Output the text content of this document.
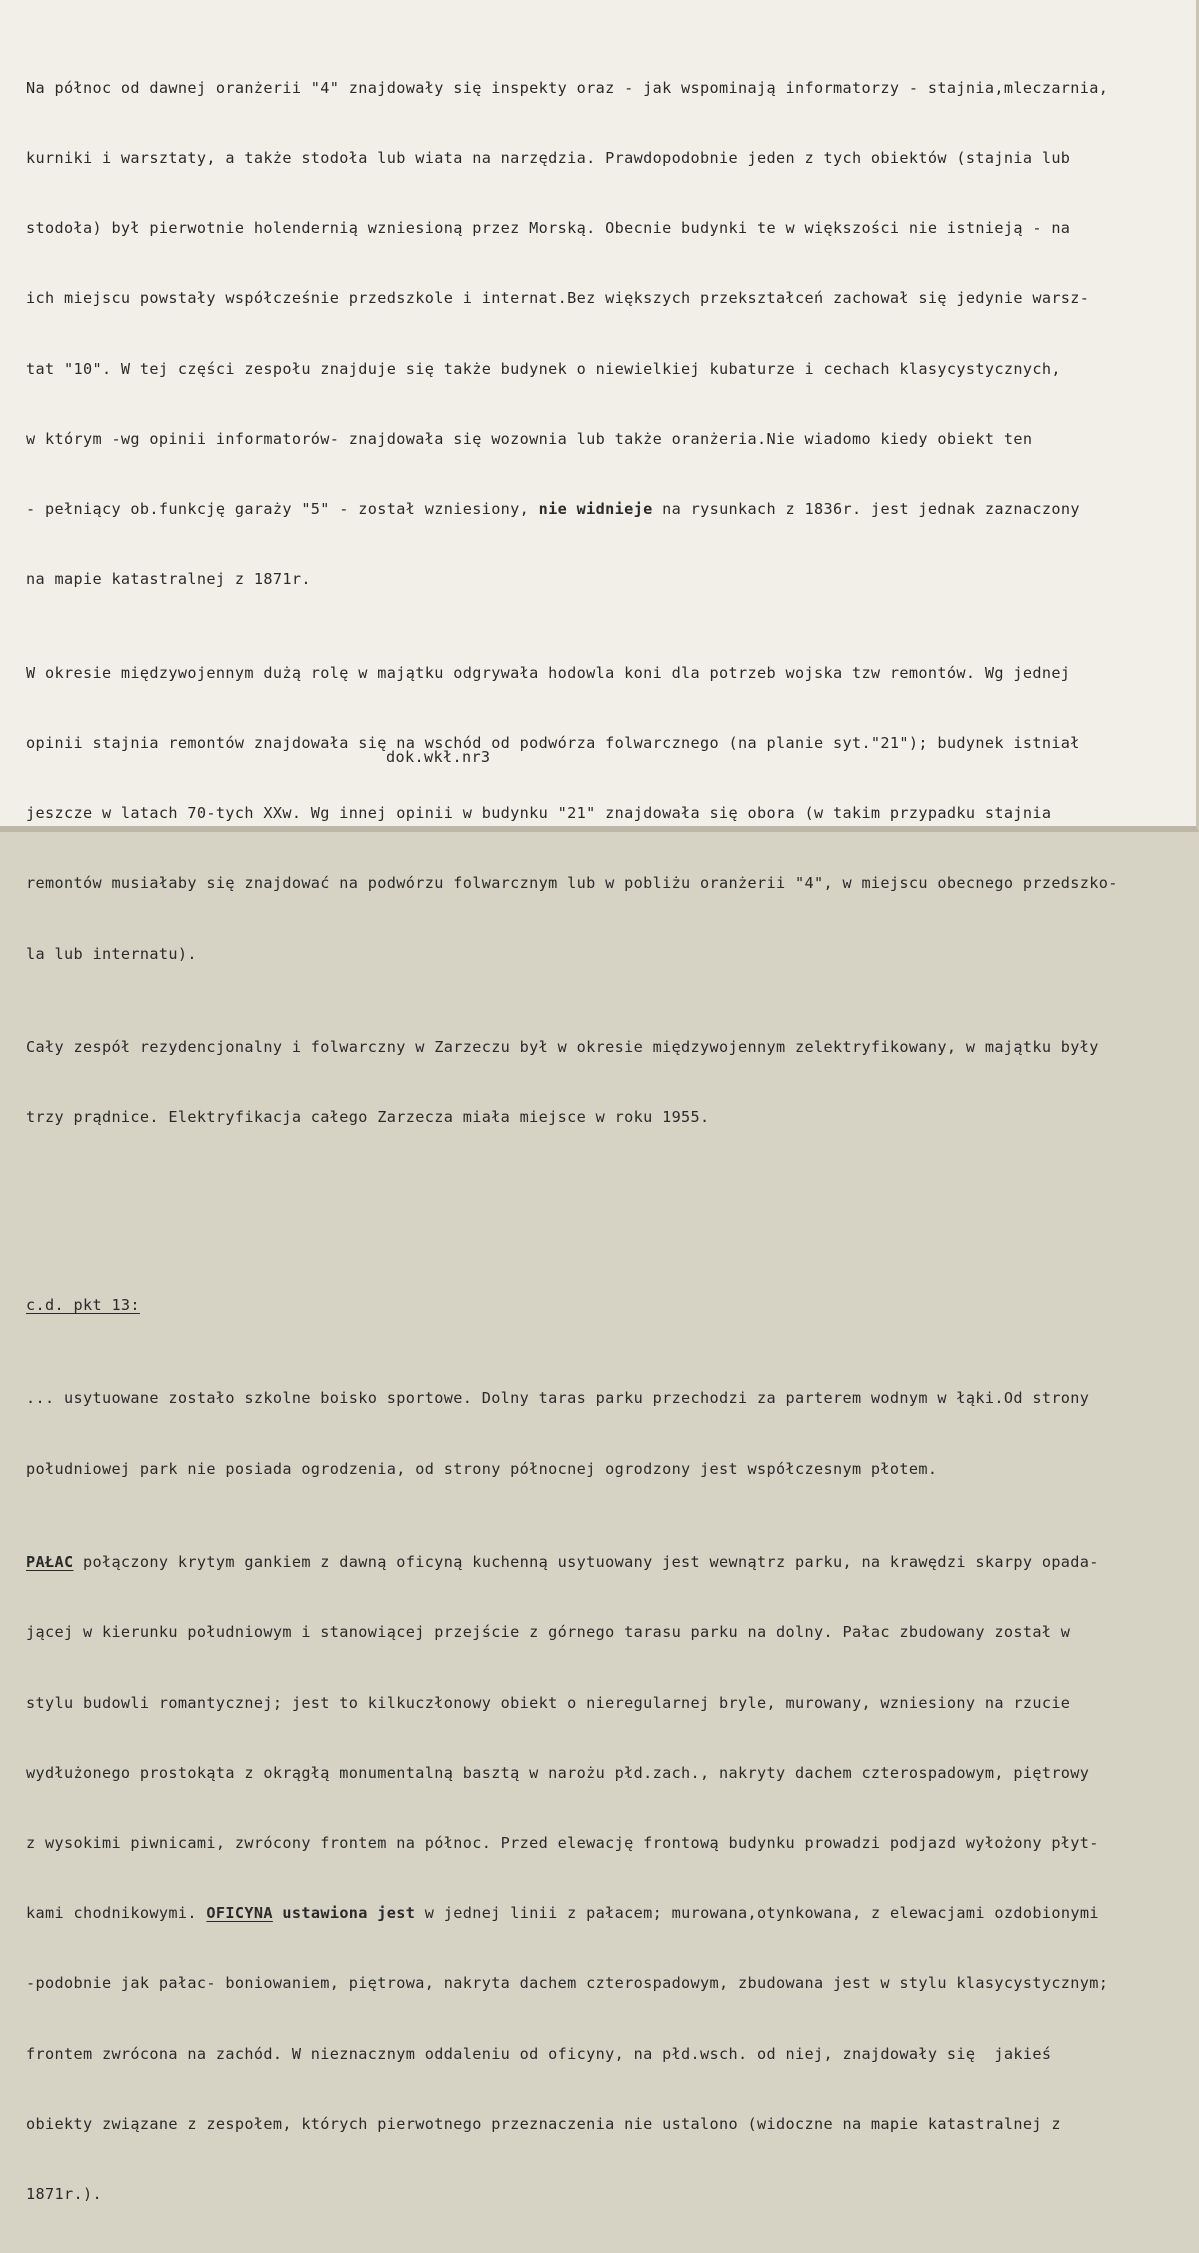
Na północ od dawnej oranżerii "4" znajdowały się inspekty oraz - jak wspominają informatorzy - stajnia,mleczarnia,

kurniki i warsztaty, a także stodoła lub wiata na narzędzia. Prawdopodobnie jeden z tych obiektów (stajnia lub

stodoła) był pierwotnie holendernią wzniesioną przez Morską. Obecnie budynki te w większości nie istnieją - na

ich miejscu powstały współcześnie przedszkole i internat.Bez większych przekształceń zachował się jedynie warsz-

tat "10". W tej części zespołu znajduje się także budynek o niewielkiej kubaturze i cechach klasycystycznych,

w którym -wg opinii informatorów- znajdowała się wozownia lub także oranżeria.Nie wiadomo kiedy obiekt ten

- pełniący ob.funkcję garaży "5" - został wzniesiony, nie widnieje na rysunkach z 1836r. jest jednak zaznaczony

na mapie katastralnej z 1871r.

W okresie międzywojennym dużą rolę w majątku odgrywała hodowla koni dla potrzeb wojska tzw remontów. Wg jednej

opinii stajnia remontów znajdowała się na wschód od podwórza folwarcznego (na planie syt."21"); budynek istniał

jeszcze w latach 70-tych XXw. Wg innej opinii w budynku "21" znajdowała się obora (w takim przypadku stajnia

remontów musiałaby się znajdować na podwórzu folwarcznym lub w pobliżu oranżerii "4", w miejscu obecnego przedszko-

la lub internatu).

Cały zespół rezydencjonalny i folwarczny w Zarzeczu był w okresie międzywojennym zelektryfikowany, w majątku były

trzy prądnice. Elektryfikacja całego Zarzecza miała miejsce w roku 1955.

c.d. pkt 13:

... usytuowane zostało szkolne boisko sportowe. Dolny taras parku przechodzi za parterem wodnym w łąki.Od strony

południowej park nie posiada ogrodzenia, od strony północnej ogrodzony jest współczesnym płotem.

PAŁAC połączony krytym gankiem z dawną oficyną kuchenną usytuowany jest wewnątrz parku, na krawędzi skarpy opada-

jącej w kierunku południowym i stanowiącej przejście z górnego tarasu parku na dolny. Pałac zbudowany został w

stylu budowli romantycznej; jest to kilkuczłonowy obiekt o nieregularnej bryle, murowany, wzniesiony na rzucie

wydłużonego prostokąta z okrągłą monumentalną basztą w narożu płd.zach., nakryty dachem czterospadowym, piętrowy

z wysokimi piwnicami, zwrócony frontem na północ. Przed elewację frontową budynku prowadzi podjazd wyłożony płyt-

kami chodnikowymi. OFICYNA ustawiona jest w jednej linii z pałacem; murowana,otynkowana, z elewacjami ozdobionymi

-podobnie jak pałac- boniowaniem, piętrowa, nakryta dachem czterospadowym, zbudowana jest w stylu klasycystycznym;

frontem zwrócona na zachód. W nieznacznym oddaleniu od oficyny, na płd.wsch. od niej, znajdowały się  jakieś

obiekty związane z zespołem, których pierwotnego przeznaczenia nie ustalono (widoczne na mapie katastralnej z

1871r.).

dok.wkł.nr3
